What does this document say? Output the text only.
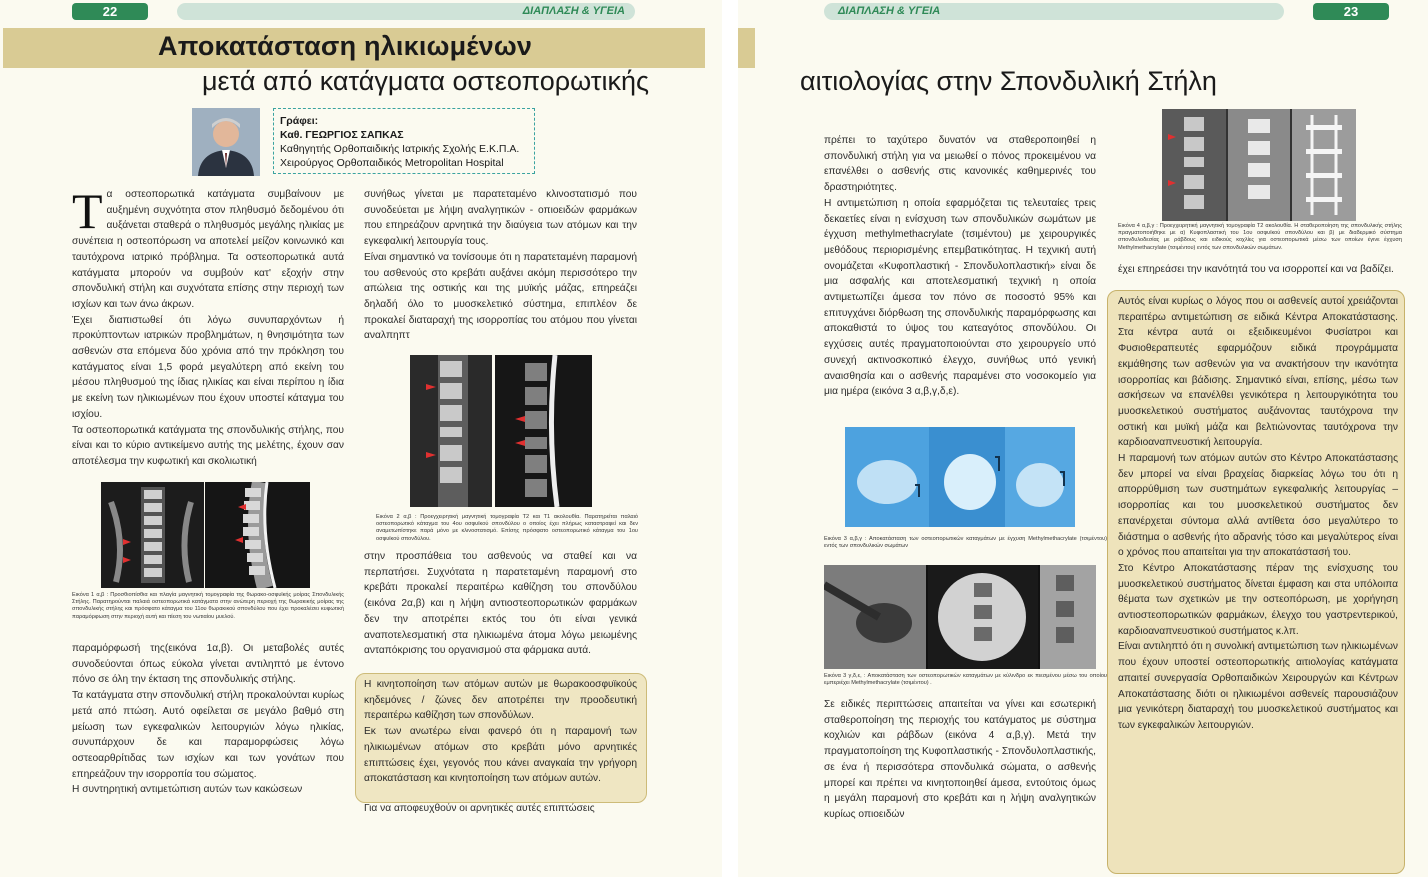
22	ΔΙΑΠΛΑΣΗ & ΥΓΕΙΑ
Αποκατάσταση ηλικιωμένων
μετά από κατάγματα οστεοπορωτικής
Γράφει:
Καθ. ΓΕΩΡΓΙΟΣ ΣΑΠΚΑΣ
Καθηγητής Ορθοπαιδικής Ιατρικής Σχολής Ε.Κ.Π.Α.
Χειρούργος Ορθοπαιδικός Metropolitan Hospital

Τα οστεοπορωτικά κατάγματα συμβαίνουν με αυξημένη συχνότητα στον πληθυσμό δεδομένου ότι αυξάνεται σταθερά ο πληθυσμός μεγάλης ηλικίας με συνέπεια η οστεοπόρωση να αποτελεί μείζον κοινωνικό και ταυτόχρονα ιατρικό πρόβλημα. Τα οστεοπορωτικά αυτά κατάγματα μπορούν να συμβούν κατ' εξοχήν στην σπονδυλική στήλη και συχνότατα επίσης στην περιοχή των ισχίων και των άνω άκρων.

Έχει διαπιστωθεί ότι λόγω συνυπαρχόντων ή προκύπτοντων ιατρικών προβλημάτων, η θνησιμότητα των ασθενών στα επόμενα δύο χρόνια από την πρόκληση του κατάγματος είναι 1,5 φορά μεγαλύτερη από εκείνη του μέσου πληθυσμού της ίδιας ηλικίας και είναι περίπου η ίδια με εκείνη των ηλικιωμένων που έχουν υποστεί κάταγμα του ισχίου.

Τα οστεοπορωτικά κατάγματα της σπονδυλικής στήλης, που είναι και το κύριο αντικείμενο αυτής της μελέτης, έχουν σαν αποτέλεσμα την κυφωτική και σκολιωτική

Εικόνα 1 α,β : Προσθιοπίσθια και πλαγία μαγνητική τομογραφία της θωρακο-οσφυϊκής μοίρας Σπονδυλικής Στήλης. Παρατηρούνται παλαιά οστεοπορωτικά κατάγματα στην ανώτερη περιοχή της θωρακικής μοίρας της σπονδυλικής στήλης και πρόσφατο κάταγμα του 11ου θωρακικού σπονδύλου που έχει προκαλέσει κυφωτική παραμόρφωση στην περιοχή αυτή και πίεση του νωτιαίου μυελού.

παραμόρφωσή της(εικόνα 1α,β). Οι μεταβολές αυτές συνοδεύονται όπως εύκολα γίνεται αντιληπτό με έντονο πόνο σε όλη την έκταση της σπονδυλικής στήλης.

Τα κατάγματα στην σπονδυλική στήλη προκαλούνται κυρίως μετά από πτώση. Αυτό οφείλεται σε μεγάλο βαθμό στη μείωση των εγκεφαλικών λειτουργιών λόγω ηλικίας, συνυπάρχουν δε και παραμορφώσεις λόγω οστεοαρθρίτιδας των ισχίων και των γονάτων που επηρεάζουν την ισορροπία του σώματος.

Η συντηρητική αντιμετώπιση αυτών των κακώσεων

συνήθως γίνεται με παρατεταμένο κλινοστατισμό που συνοδεύεται με λήψη αναλγητικών - οπιοειδών φαρμάκων που επηρεάζουν αρνητικά την διαύγεια των ατόμων και την εγκεφαλική λειτουργία τους.

Είναι σημαντικό να τονίσουμε ότι η παρατεταμένη παραμονή του ασθενούς στο κρεβάτι αυξάνει ακόμη περισσότερο την απώλεια της οστικής και της μυϊκής μάζας, επηρεάζει δηλαδή όλο το μυοσκελετικό σύστημα, επιπλέον δε προκαλεί διαταραχή της ισορροπίας του ατόμου που γίνεται αναλπηπτ

Εικόνα 2 α,β : Προεγχειρητική μαγνητική τομογραφία Τ2 και Τ1 ακολουθία. Παρατηρείται παλαιό οστεοπορωτικό κάταγμα του 4ου οσφυϊκού σπονδύλου ο οποίος έχει πλήρως καταστραφεί και δεν αναμετωπίστηκε παρά μόνο με κλινοστατισμό. Επίσης πρόσφατο οστεοπορωτικό κάταγμα του 1ου οσφυϊκού σπονδύλου.

στην προσπάθεια του ασθενούς να σταθεί και να περπατήσει. Συχνότατα η παρατεταμένη παραμονή στο κρεβάτι προκαλεί περαιτέρω καθίζηση του σπονδύλου (εικόνα 2α,β) και η λήψη αντιοστεοπορωτικών φαρμάκων δεν την αποτρέπει εκτός του ότι είναι γενικά αναποτελεσματική στα ηλικιωμένα άτομα λόγω μειωμένης ανταπόκρισης του οργανισμού στα φάρμακα αυτά.

Η κινητοποίηση των ατόμων αυτών με θωρακοοσφυϊκούς κηδεμόνες / ζώνες δεν αποτρέπει την προοδευτική περαιτέρω καθίζηση των σπονδύλων.

Εκ των ανωτέρω είναι φανερό ότι η παραμονή των ηλικιωμένων ατόμων στο κρεβάτι μόνο αρνητικές επιπτώσεις έχει, γεγονός που κάνει αναγκαία την γρήγορη αποκατάσταση και κινητοποίηση των ατόμων αυτών.

Για να αποφευχθούν οι αρνητικές αυτές επιπτώσεις

ΔΙΑΠΛΑΣΗ & ΥΓΕΙΑ	23
αιτιολογίας στην Σπονδυλική Στήλη

πρέπει το ταχύτερο δυνατόν να σταθεροποιηθεί η σπονδυλική στήλη για να μειωθεί ο πόνος προκειμένου να επανέλθει ο ασθενής στις κανονικές καθημερινές του δραστηριότητες.

Η αντιμετώπιση η οποία εφαρμόζεται τις τελευταίες τρεις δεκαετίες είναι η ενίσχυση των σπονδυλικών σωμάτων με έγχυση methylmethacrylate (τσιμέντου) με χειρουργικές μεθόδους περιορισμένης επεμβατικότητας. Η τεχνική αυτή ονομάζεται «Κυφοπλαστική - Σπονδυλοπλαστική» είναι δε μια ασφαλής και αποτελεσματική τεχνική η οποία αντιμετωπίζει άμεσα τον πόνο σε ποσοστό 95% και επιτυγχάνει διόρθωση της σπονδυλικής παραμόρφωσης και αποκαθιστά το ύψος του κατεαγότος σπονδύλου. Οι εγχύσεις αυτές πραγματοποιούνται στο χειρουργείο υπό συνεχή ακτινοσκοπικό έλεγχο, συνήθως υπό γενική αναισθησία και ο ασθενής παραμένει στο νοσοκομείο για μια ημέρα (εικόνα 3 α,β,γ,δ,ε).

Εικόνα 3 α,β,γ : Αποκατάσταση των οστεοπορωτικών καταγμάτων με έγχυση Methylmethacrylate (τσιμέντου) εντός των σπονδυλικών σωμάτων
Εικόνα 3 γ,δ,ε, : Αποκατάσταση των οστεοπορωτικών καταγμάτων με κύλινδρο εκ πιεσμένου μέσω του οποίου εμπεριέχει Methylmethacrylate (τσιμέντου) .

Σε ειδικές περιπτώσεις απαιτείται να γίνει και εσωτερική σταθεροποίηση της περιοχής του κατάγματος με σύστημα κοχλιών και ράβδων (εικόνα 4 α,β,γ). Μετά την πραγματοποίηση της Κυφοπλαστικής - Σπονδυλοπλαστικής, σε ένα ή περισσότερα σπονδυλικά σώματα, ο ασθενής μπορεί και πρέπει να κινητοποιηθεί άμεσα, εντούτοις όμως η μεγάλη παραμονή στο κρεβάτι και η λήψη αναλγητικών κυρίως οπιοειδών

Εικόνα 4 α,β,γ : Προεγχειρητική μαγνητική τομογραφία Τ2 ακολουθία. Η σταθεροποίηση της σπονδυλικής στήλης πραγματοποιήθηκε με α) Κυφοπλαστική του 1ου οσφυϊκού σπονδύλου και β) με διαδερμικό σύστημα σπονδυλοδεσίας με ράβδους και ειδικούς κοχλίες για οστεοπορωτικά μέσω των οποίων έγινε έγχυση Methylmethacrylate (τσιμέντου) εντός των σπονδυλικών σωμάτων.

έχει επηρεάσει την ικανότητά του να ισορροπεί και να βαδίζει.

Αυτός είναι κυρίως ο λόγος που οι ασθενείς αυτοί χρειάζονται περαιτέρω αντιμετώπιση σε ειδικά Κέντρα Αποκατάστασης. Στα κέντρα αυτά οι εξειδικευμένοι Φυσίατροι και Φυσιοθεραπευτές εφαρμόζουν ειδικά προγράμματα εκμάθησης των ασθενών για να ανακτήσουν την ικανότητα ισορροπίας και βάδισης. Σημαντικό είναι, επίσης, μέσω των ασκήσεων να επανέλθει γενικότερα η λειτουργικότητα του μυοσκελετικού συστήματος αυξάνοντας ταυτόχρονα την οστική και μυϊκή μάζα και βελτιώνοντας ταυτόχρονα την καρδιοαναπνευστική λειτουργία.

Η παραμονή των ατόμων αυτών στο Κέντρο Αποκατάστασης δεν μπορεί να είναι βραχείας διαρκείας λόγω του ότι η απορρύθμιση των συστημάτων εγκεφαλικής λειτουργίας – ισορροπίας και του μυοσκελετικού συστήματος δεν επανέρχεται σύντομα αλλά αντίθετα όσο μεγαλύτερο το διάστημα ο ασθενής ήτο αδρανής τόσο και μεγαλύτερος είναι ο χρόνος που απαιτείται για την αποκατάστασή του.

Στο Κέντρο Αποκατάστασης πέραν της ενίσχυσης του μυοσκελετικού συστήματος δίνεται έμφαση και στα υπόλοιπα θέματα των σχετικών με την οστεοπόρωση, με χορήγηση αντιοστεοπορωτικών φαρμάκων, έλεγχο του γαστρεντερικού, καρδιοαναπνευστικού συστήματος κ.λπ.

Είναι αντιληπτό ότι η συνολική αντιμετώπιση των ηλικιωμένων που έχουν υποστεί οστεοπορωτικής αιτιολογίας κατάγματα απαιτεί συνεργασία Ορθοπαιδικών Χειρουργών και Κέντρων Αποκατάστασης διότι οι ηλικιωμένοι ασθενείς παρουσιάζουν μια γενικότερη διαταραχή του μυοσκελετικού συστήματος και των εγκεφαλικών λειτουργιών.
